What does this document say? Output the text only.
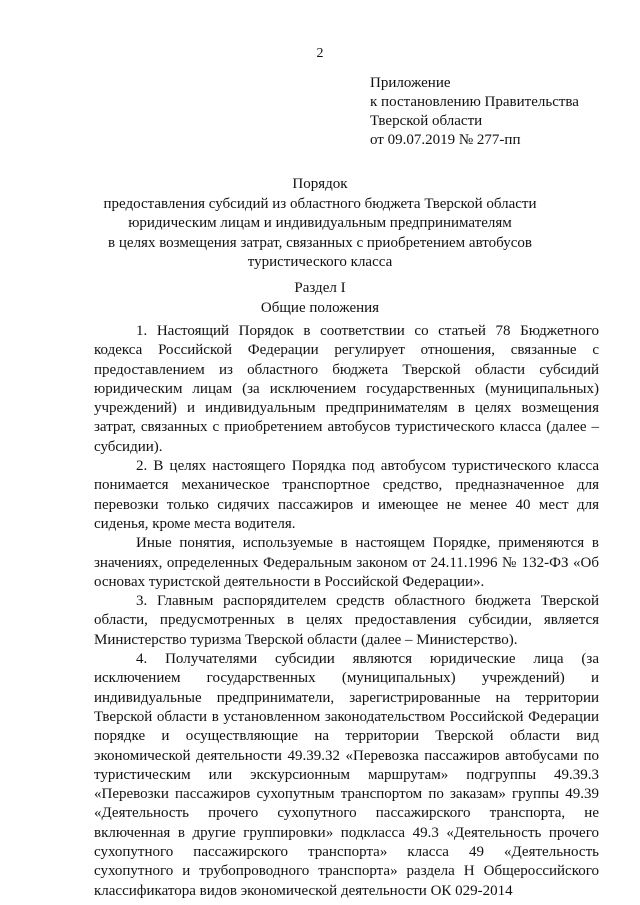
2
Приложение
к постановлению Правительства
Тверской области
от 09.07.2019 № 277-пп
Порядок
предоставления субсидий из областного бюджета Тверской области
юридическим лицам и индивидуальным предпринимателям
в целях возмещения затрат, связанных с приобретением автобусов
туристического класса
Раздел I
Общие положения

1. Настоящий Порядок в соответствии со статьей 78 Бюджетного кодекса Российской Федерации регулирует отношения, связанные с предоставлением из областного бюджета Тверской области субсидий юридическим лицам (за исключением государственных (муниципальных) учреждений) и индивидуальным предпринимателям в целях возмещения затрат, связанных с приобретением автобусов туристического класса (далее – субсидии).

2. В целях настоящего Порядка под автобусом туристического класса понимается механическое транспортное средство, предназначенное для перевозки только сидячих пассажиров и имеющее не менее 40 мест для сиденья, кроме места водителя.

Иные понятия, используемые в настоящем Порядке, применяются в значениях, определенных Федеральным законом от 24.11.1996 № 132-ФЗ «Об основах туристской деятельности в Российской Федерации».

3. Главным распорядителем средств областного бюджета Тверской области, предусмотренных в целях предоставления субсидии, является Министерство туризма Тверской области (далее – Министерство).

4. Получателями субсидии являются юридические лица (за исключением государственных (муниципальных) учреждений) и индивидуальные предприниматели, зарегистрированные на территории Тверской области в установленном законодательством Российской Федерации порядке и осуществляющие на территории Тверской области вид экономической деятельности 49.39.32 «Перевозка пассажиров автобусами по туристическим или экскурсионным маршрутам» подгруппы 49.39.3 «Перевозки пассажиров сухопутным транспортом по заказам» группы 49.39 «Деятельность прочего сухопутного пассажирского транспорта, не включенная в другие группировки» подкласса 49.3 «Деятельность прочего сухопутного пассажирского транспорта» класса 49 «Деятельность сухопутного и трубопроводного транспорта» раздела Н Общероссийского классификатора видов экономической деятельности ОК 029-2014
